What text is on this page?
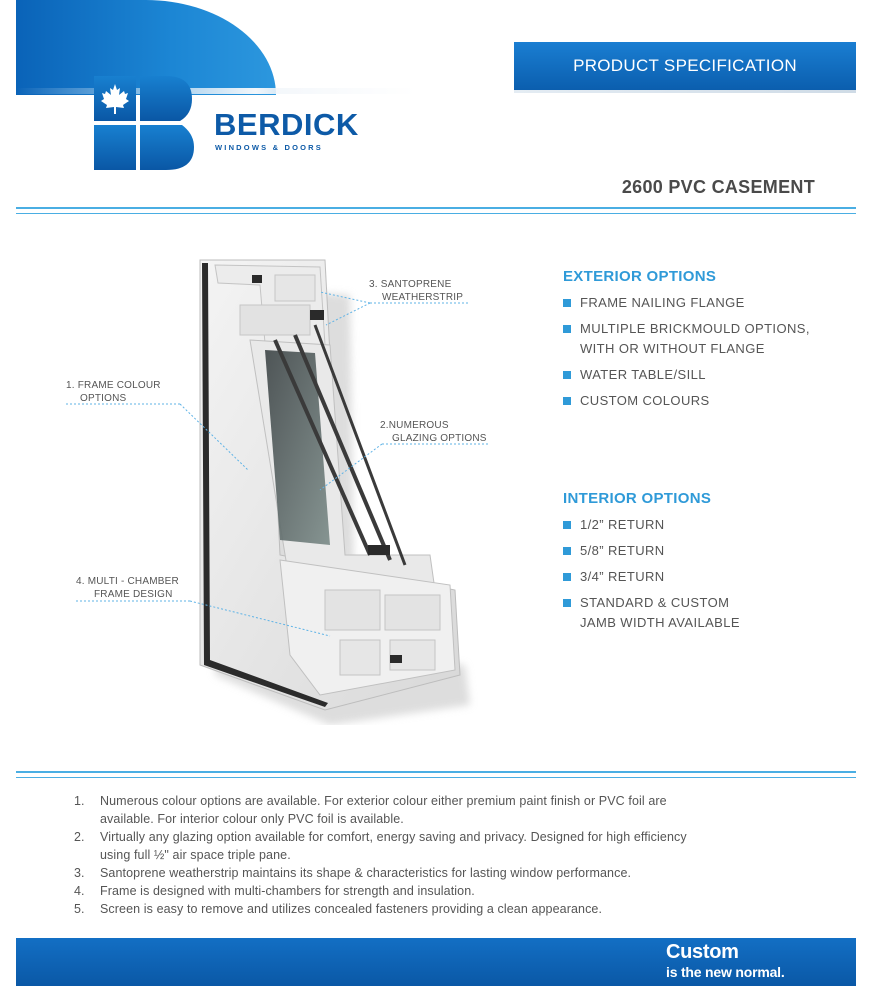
BERDICK
WINDOWS & DOORS
PRODUCT SPECIFICATION
2600 PVC CASEMENT
1. FRAME COLOUR
OPTIONS
2.NUMEROUS
GLAZING OPTIONS
3. SANTOPRENE
WEATHERSTRIP
4. MULTI - CHAMBER
FRAME DESIGN
EXTERIOR OPTIONS
FRAME NAILING FLANGE
MULTIPLE BRICKMOULD OPTIONS,
WITH OR WITHOUT FLANGE
WATER TABLE/SILL
CUSTOM COLOURS
INTERIOR OPTIONS
1/2” RETURN
5/8” RETURN
3/4” RETURN
STANDARD & CUSTOM
JAMB WIDTH AVAILABLE
1. Numerous colour options are available. For exterior colour either premium paint finish or PVC foil are
available. For interior colour only PVC foil is available.
2. Virtually any glazing option available for comfort, energy saving and privacy. Designed for high efficiency
using full ½" air space triple pane.
3. Santoprene weatherstrip maintains its shape & characteristics for lasting window performance.
4. Frame is designed with multi-chambers for strength and insulation.
5. Screen is easy to remove and utilizes concealed fasteners providing a clean appearance.
Custom
is the new normal.
